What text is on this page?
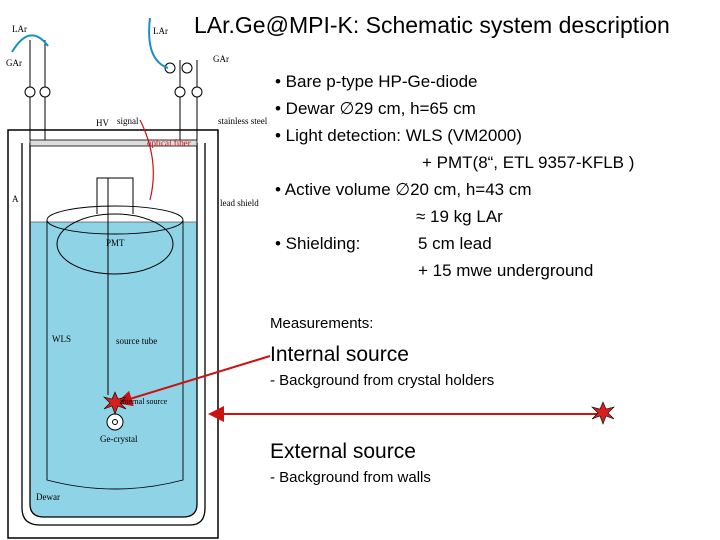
LAr.Ge@MPI-K: Schematic system description
• Bare p-type HP-Ge-diode
• Dewar ∅29 cm, h=65 cm
• Light detection: WLS (VM2000)
+ PMT(8“, ETL 9357-KFLB )
• Active volume ∅20 cm, h=43 cm
≈ 19 kg LAr
• Shielding:	5 cm lead
+ 15 mwe underground
Measurements:
Internal source
- Background from crystal holders
External source
- Background from walls
LAr	LAr
GAr	GAr
HV signal
optical fiber
stainless steel
A	lead shield
PMT
WLS	source tube
internal source
Ge-crystal
Dewar
